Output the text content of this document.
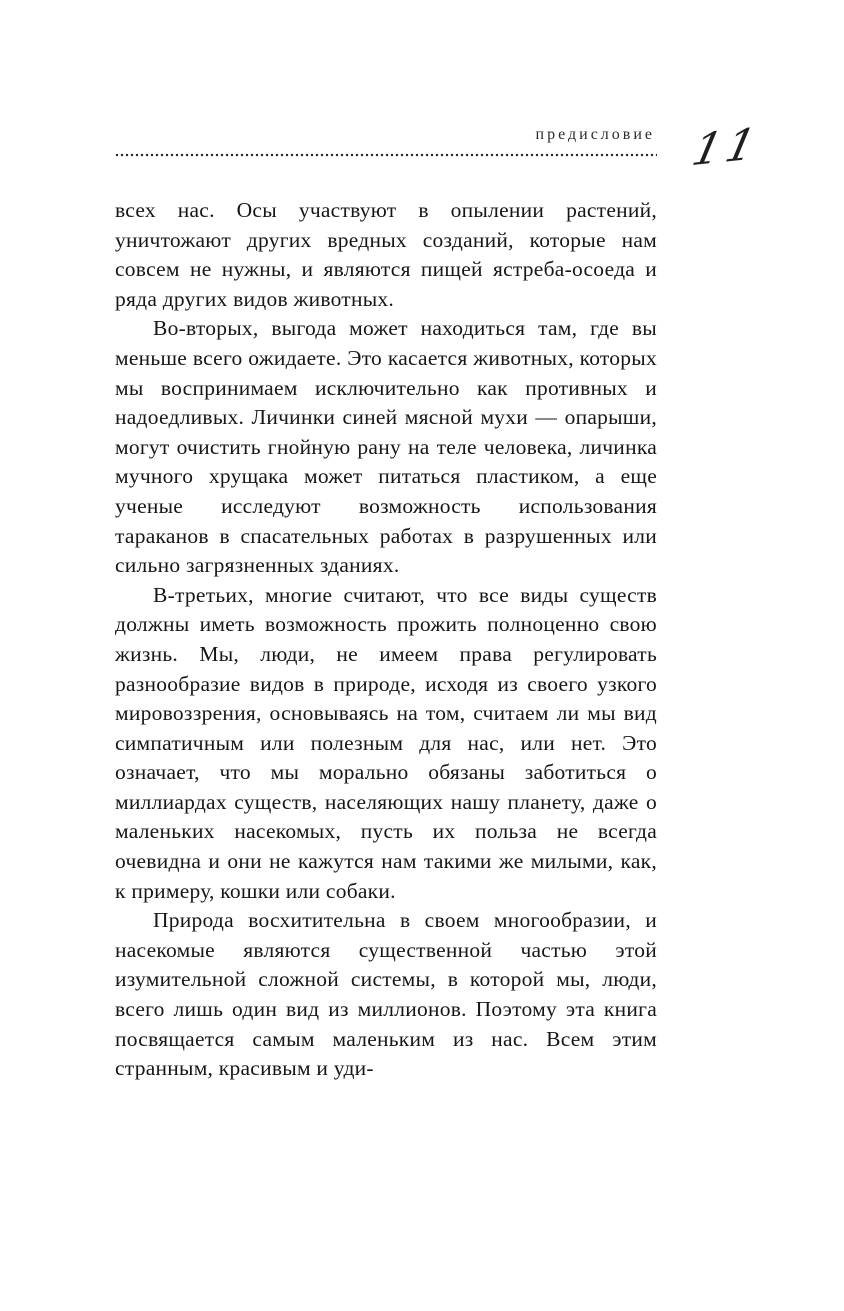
предисловие 11

всех нас. Осы участвуют в опылении растений, уничтожают других вредных созданий, которые нам совсем не нужны, и являются пищей ястреба-осоеда и ряда других видов животных.

Во-вторых, выгода может находиться там, где вы меньше всего ожидаете. Это касается животных, которых мы воспринимаем исключительно как противных и надоедливых. Личинки синей мясной мухи — опарыши, могут очистить гнойную рану на теле человека, личинка мучного хрущака может питаться пластиком, а еще ученые исследуют возможность использования тараканов в спасательных работах в разрушенных или сильно загрязненных зданиях.

В-третьих, многие считают, что все виды существ должны иметь возможность прожить полноценно свою жизнь. Мы, люди, не имеем права регулировать разнообразие видов в природе, исходя из своего узкого мировоззрения, основываясь на том, считаем ли мы вид симпатичным или полезным для нас, или нет. Это означает, что мы морально обязаны заботиться о миллиардах существ, населяющих нашу планету, даже о маленьких насекомых, пусть их польза не всегда очевидна и они не кажутся нам такими же милыми, как, к примеру, кошки или собаки.

Природа восхитительна в своем многообразии, и насекомые являются существенной частью этой изумительной сложной системы, в которой мы, люди, всего лишь один вид из миллионов. Поэтому эта книга посвящается самым маленьким из нас. Всем этим странным, красивым и уди-
